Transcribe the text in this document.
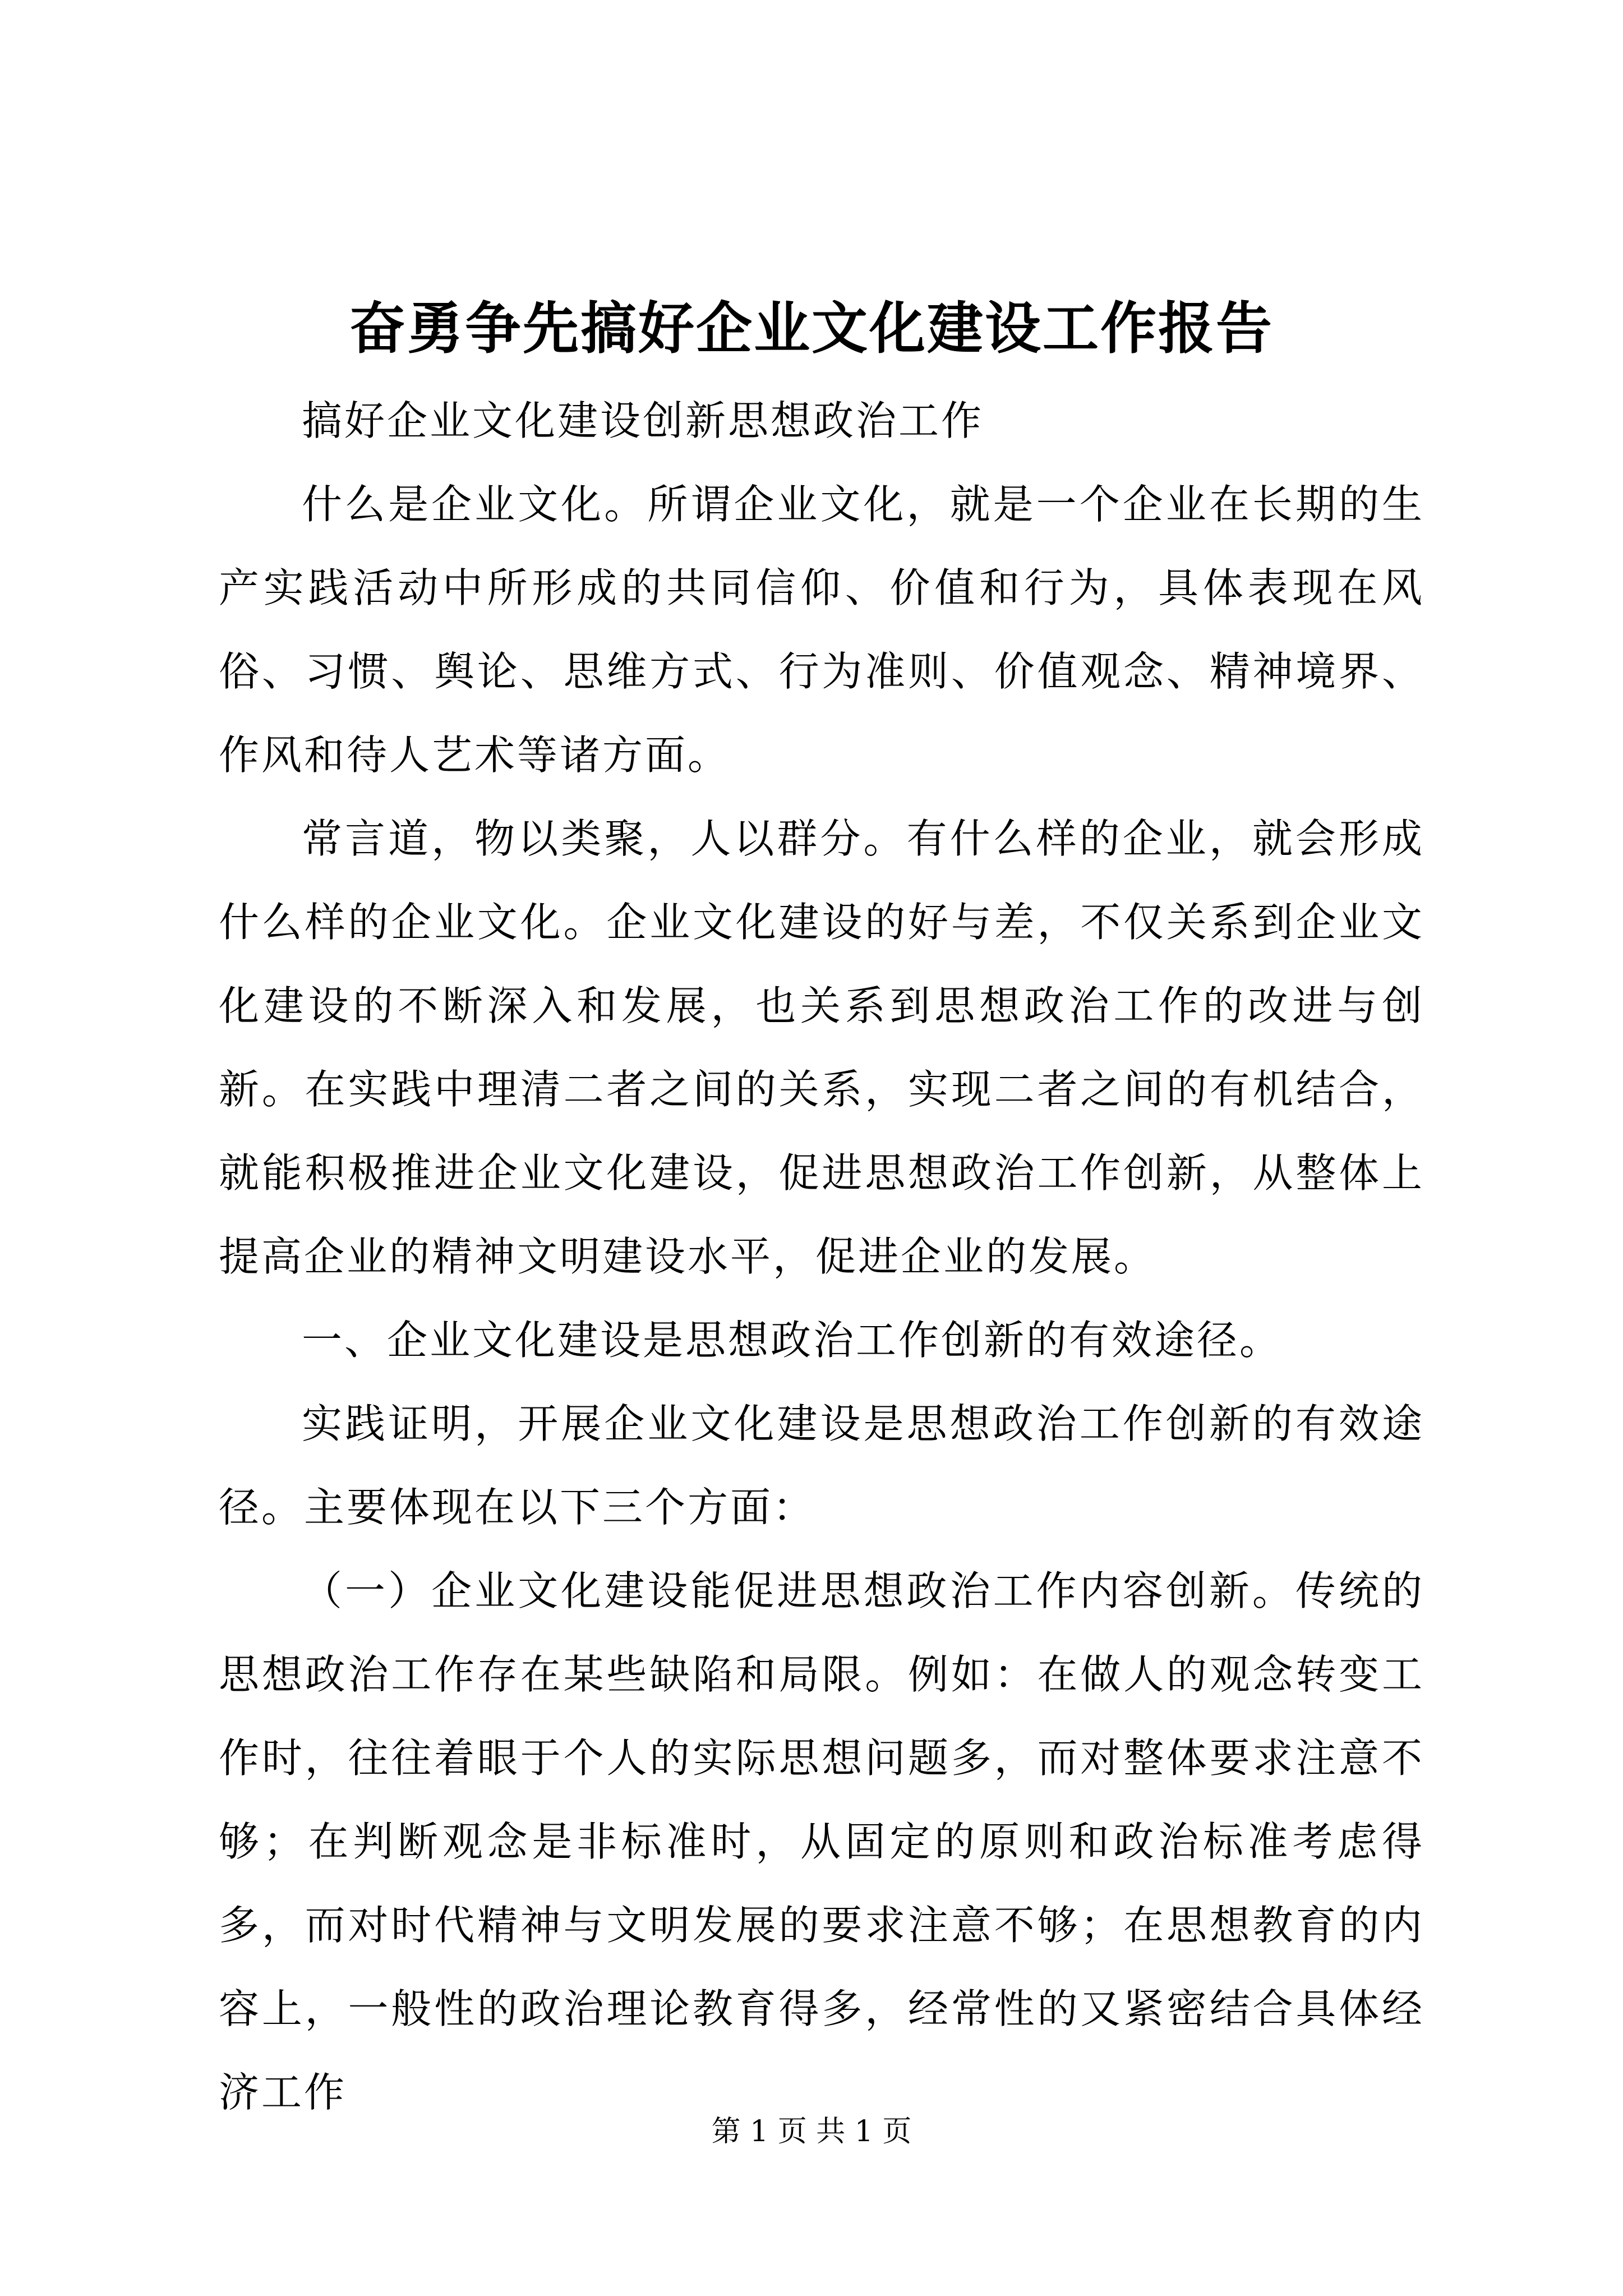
奋勇争先搞好企业文化建设工作报告

搞好企业文化建设创新思想政治工作

什么是企业文化。所谓企业文化，就是一个企业在长期的生产实践活动中所形成的共同信仰、价值和行为，具体表现在风俗、习惯、舆论、思维方式、行为准则、价值观念、精神境界、作风和待人艺术等诸方面。

常言道，物以类聚，人以群分。有什么样的企业，就会形成什么样的企业文化。企业文化建设的好与差，不仅关系到企业文化建设的不断深入和发展，也关系到思想政治工作的改进与创新。在实践中理清二者之间的关系，实现二者之间的有机结合，就能积极推进企业文化建设，促进思想政治工作创新，从整体上提高企业的精神文明建设水平，促进企业的发展。

一、企业文化建设是思想政治工作创新的有效途径。

实践证明，开展企业文化建设是思想政治工作创新的有效途径。主要体现在以下三个方面：

（一）企业文化建设能促进思想政治工作内容创新。传统的思想政治工作存在某些缺陷和局限。例如：在做人的观念转变工作时，往往着眼于个人的实际思想问题多，而对整体要求注意不够；在判断观念是非标准时，从固定的原则和政治标准考虑得多，而对时代精神与文明发展的要求注意不够；在思想教育的内容上，一般性的政治理论教育得多，经常性的又紧密结合具体经济工作

第 1 页 共 1 页
